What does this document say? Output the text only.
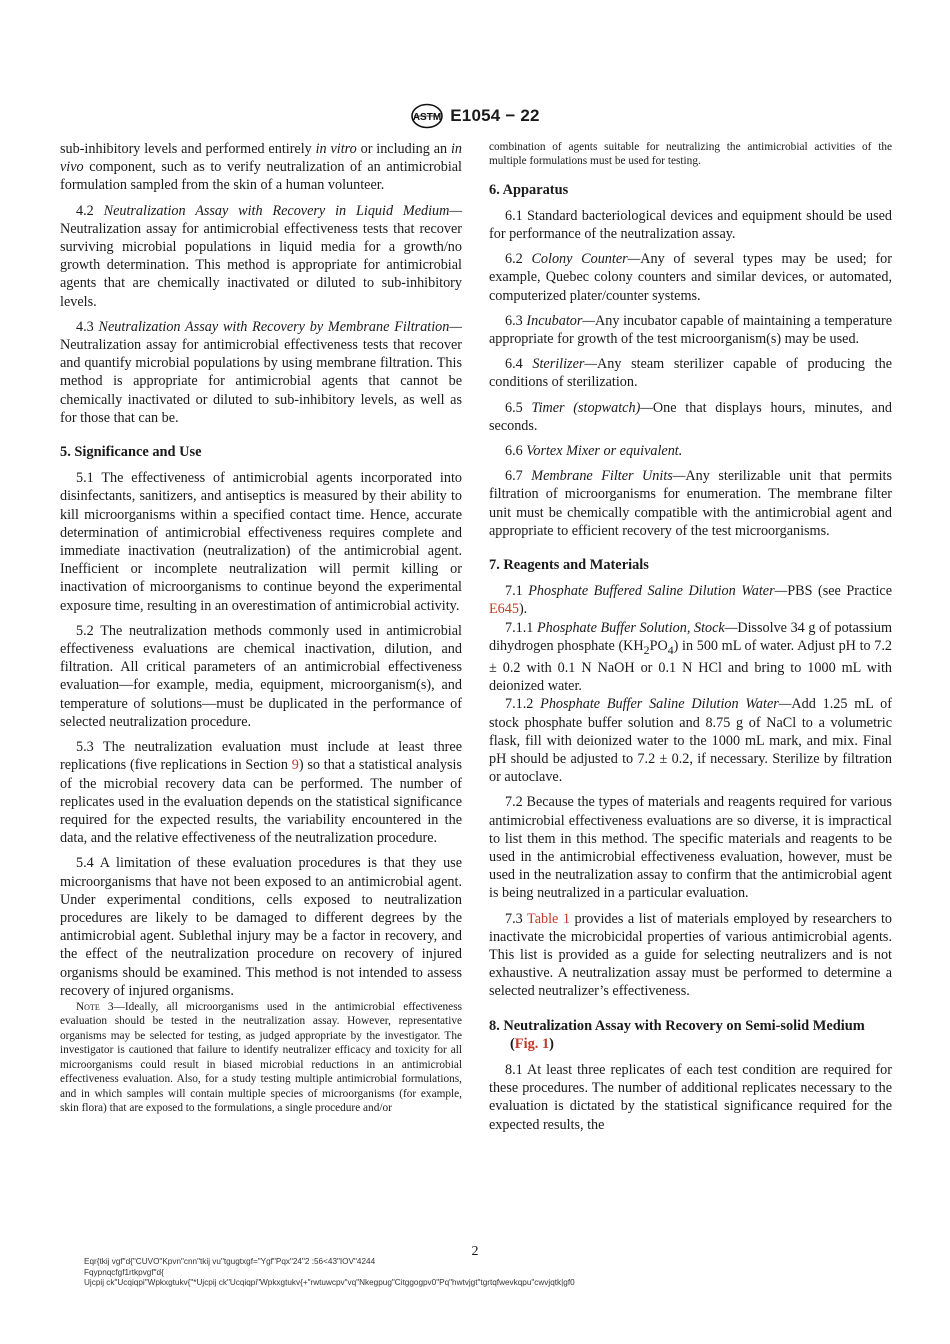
ASTM E1054 − 22

sub-inhibitory levels and performed entirely in vitro or including an in vivo component, such as to verify neutralization of an antimicrobial formulation sampled from the skin of a human volunteer.

4.2 Neutralization Assay with Recovery in Liquid Medium—Neutralization assay for antimicrobial effectiveness tests that recover surviving microbial populations in liquid media for a growth/no growth determination. This method is appropriate for antimicrobial agents that are chemically inactivated or diluted to sub-inhibitory levels.

4.3 Neutralization Assay with Recovery by Membrane Filtration—Neutralization assay for antimicrobial effectiveness tests that recover and quantify microbial populations by using membrane filtration. This method is appropriate for antimicrobial agents that cannot be chemically inactivated or diluted to sub-inhibitory levels, as well as for those that can be.

5. Significance and Use

5.1 The effectiveness of antimicrobial agents incorporated into disinfectants, sanitizers, and antiseptics is measured by their ability to kill microorganisms within a specified contact time. Hence, accurate determination of antimicrobial effectiveness requires complete and immediate inactivation (neutralization) of the antimicrobial agent. Inefficient or incomplete neutralization will permit killing or inactivation of microorganisms to continue beyond the experimental exposure time, resulting in an overestimation of antimicrobial activity.

5.2 The neutralization methods commonly used in antimicrobial effectiveness evaluations are chemical inactivation, dilution, and filtration. All critical parameters of an antimicrobial effectiveness evaluation—for example, media, equipment, microorganism(s), and temperature of solutions—must be duplicated in the performance of selected neutralization procedure.

5.3 The neutralization evaluation must include at least three replications (five replications in Section 9) so that a statistical analysis of the microbial recovery data can be performed. The number of replicates used in the evaluation depends on the statistical significance required for the expected results, the variability encountered in the data, and the relative effectiveness of the neutralization procedure.

5.4 A limitation of these evaluation procedures is that they use microorganisms that have not been exposed to an antimicrobial agent. Under experimental conditions, cells exposed to neutralization procedures are likely to be damaged to different degrees by the antimicrobial agent. Sublethal injury may be a factor in recovery, and the effect of the neutralization procedure on recovery of injured organisms should be examined. This method is not intended to assess recovery of injured organisms.

Note 3—Ideally, all microorganisms used in the antimicrobial effectiveness evaluation should be tested in the neutralization assay. However, representative organisms may be selected for testing, as judged appropriate by the investigator. The investigator is cautioned that failure to identify neutralizer efficacy and toxicity for all microorganisms could result in biased microbial reductions in an antimicrobial effectiveness evaluation. Also, for a study testing multiple antimicrobial formulations, and in which samples will contain multiple species of microorganisms (for example, skin flora) that are exposed to the formulations, a single procedure and/or

combination of agents suitable for neutralizing the antimicrobial activities of the multiple formulations must be used for testing.

6. Apparatus

6.1 Standard bacteriological devices and equipment should be used for performance of the neutralization assay.

6.2 Colony Counter—Any of several types may be used; for example, Quebec colony counters and similar devices, or automated, computerized plater/counter systems.

6.3 Incubator—Any incubator capable of maintaining a temperature appropriate for growth of the test microorganism(s) may be used.

6.4 Sterilizer—Any steam sterilizer capable of producing the conditions of sterilization.

6.5 Timer (stopwatch)—One that displays hours, minutes, and seconds.

6.6 Vortex Mixer or equivalent.

6.7 Membrane Filter Units—Any sterilizable unit that permits filtration of microorganisms for enumeration. The membrane filter unit must be chemically compatible with the antimicrobial agent and appropriate to efficient recovery of the test microorganisms.

7. Reagents and Materials

7.1 Phosphate Buffered Saline Dilution Water—PBS (see Practice E645).

7.1.1 Phosphate Buffer Solution, Stock—Dissolve 34 g of potassium dihydrogen phosphate $(KH_2PO_4)$ in 500 mL of water. Adjust pH to 7.2 ± 0.2 with 0.1 N NaOH or 0.1 N HCl and bring to 1000 mL with deionized water.

7.1.2 Phosphate Buffer Saline Dilution Water—Add 1.25 mL of stock phosphate buffer solution and 8.75 g of NaCl to a volumetric flask, fill with deionized water to the 1000 mL mark, and mix. Final pH should be adjusted to 7.2 ± 0.2, if necessary. Sterilize by filtration or autoclave.

7.2 Because the types of materials and reagents required for various antimicrobial effectiveness evaluations are so diverse, it is impractical to list them in this method. The specific materials and reagents to be used in the antimicrobial effectiveness evaluation, however, must be used in the neutralization assay to confirm that the antimicrobial agent is being neutralized in a particular evaluation.

7.3 Table 1 provides a list of materials employed by researchers to inactivate the microbicidal properties of various antimicrobial agents. This list is provided as a guide for selecting neutralizers and is not exhaustive. A neutralization assay must be performed to determine a selected neutralizer’s effectiveness.

8. Neutralization Assay with Recovery on Semi-solid Medium (Fig. 1)

8.1 At least three replicates of each test condition are required for these procedures. The number of additional replicates necessary to the evaluation is dictated by the statistical significance required for the expected results, the

2
Eqr{tkij vgf"d{"CUVO"Kpvn"cnn"tkij vu"tgugtxgf="Ygf"Pqx"24"2 :56<43"IOV"4244
Fqypnqcfgf1rtkpvgf"d{
Ujcpij ck"Ucqiqpi"Wpkxgtukv{"*Ujcpij ck"Ucqiqpi"Wpkxgtukv{+"rwtuwcpv"vq"Nkegpug"Citggogpv0"Pq"hwtvjgt"tgrtqfwevkqpu"cwvjqtk|gf0
